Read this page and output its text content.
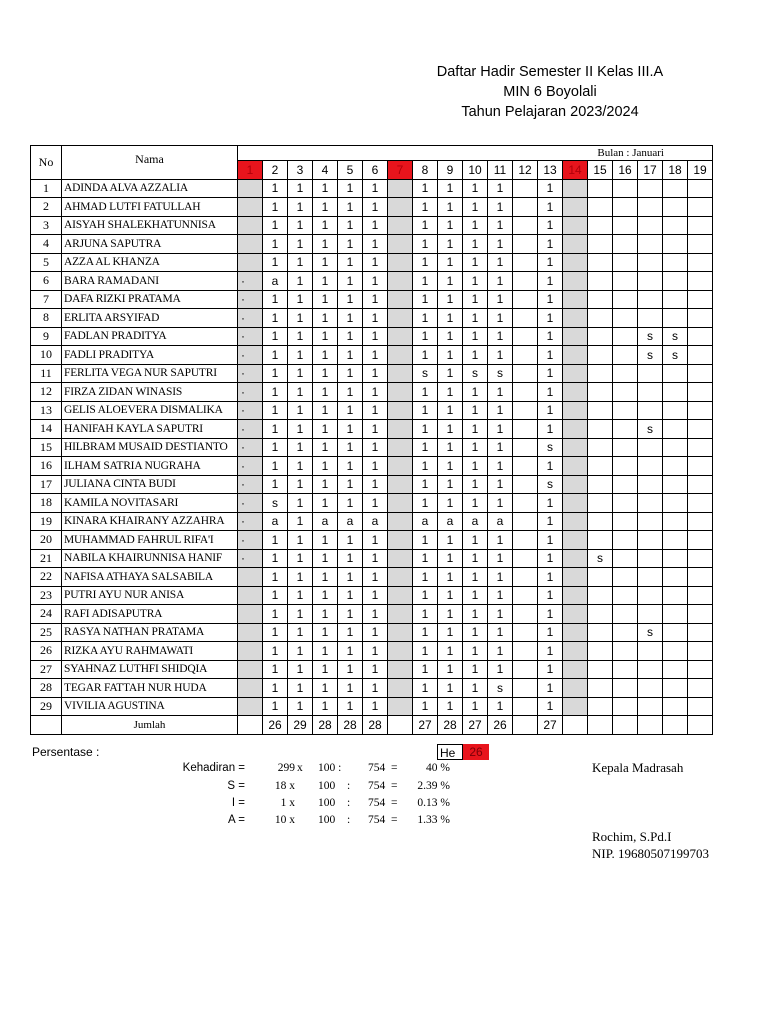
Daftar Hadir Semester II Kelas III.A
MIN 6 Boyolali
Tahun Pelajaran 2023/2024
No	Nama	Bulan : Januari																		
		1	2	3	4	5	6	7	8	9	10	11	12	13	14	15	16	17	18	19
1	ADINDA ALVA AZZALIA		1	1	1	1	1		1	1	1	1		1						
2	AHMAD LUTFI FATULLAH		1	1	1	1	1		1	1	1	1		1						
3	AISYAH SHALEKHATUNNISA		1	1	1	1	1		1	1	1	1		1						
4	ARJUNA SAPUTRA		1	1	1	1	1		1	1	1	1		1						
5	AZZA AL KHANZA		1	1	1	1	1		1	1	1	1		1						
6	BARA RAMADANI	·	a	1	1	1	1		1	1	1	1		1						
7	DAFA RIZKI PRATAMA	·	1	1	1	1	1		1	1	1	1		1						
8	ERLITA ARSYIFAD	·	1	1	1	1	1		1	1	1	1		1						
9	FADLAN PRADITYA	·	1	1	1	1	1		1	1	1	1		1				s	s	
10	FADLI PRADITYA	·	1	1	1	1	1		1	1	1	1		1				s	s	
11	FERLITA VEGA NUR SAPUTRI	·	1	1	1	1	1		s	1	s	s		1						
12	FIRZA ZIDAN WINASIS	·	1	1	1	1	1		1	1	1	1		1						
13	GELIS ALOEVERA DISMALIKA	·	1	1	1	1	1		1	1	1	1		1						
14	HANIFAH KAYLA SAPUTRI	·	1	1	1	1	1		1	1	1	1		1				s		
15	HILBRAM MUSAID DESTIANTO	·	1	1	1	1	1		1	1	1	1		s						
16	ILHAM SATRIA NUGRAHA	·	1	1	1	1	1		1	1	1	1		1						
17	JULIANA CINTA BUDI	·	1	1	1	1	1		1	1	1	1		s						
18	KAMILA NOVITASARI	·	s	1	1	1	1		1	1	1	1		1						
19	KINARA KHAIRANY AZZAHRA	·	a	1	a	a	a		a	a	a	a		1						
20	MUHAMMAD FAHRUL RIFA'I	·	1	1	1	1	1		1	1	1	1		1						
21	NABILA KHAIRUNNISA HANIF	·	1	1	1	1	1		1	1	1	1		1		s				
22	NAFISA ATHAYA SALSABILA		1	1	1	1	1		1	1	1	1		1						
23	PUTRI AYU NUR ANISA		1	1	1	1	1		1	1	1	1		1						
24	RAFI ADISAPUTRA		1	1	1	1	1		1	1	1	1		1						
25	RASYA NATHAN PRATAMA		1	1	1	1	1		1	1	1	1		1				s		
26	RIZKA AYU RAHMAWATI		1	1	1	1	1		1	1	1	1		1						
27	SYAHNAZ LUTHFI SHIDQIA		1	1	1	1	1		1	1	1	1		1						
28	TEGAR FATTAH NUR HUDA		1	1	1	1	1		1	1	1	s		1						
29	VIVILIA AGUSTINA		1	1	1	1	1		1	1	1	1		1						
	Jumlah		26	29	28	28	28		27	28	27	26		27						
Persentase :	He	26
Kehadiran =	299 x 100 : 754 =	40 %
S =	18 x 100 : 754 =	2.39 %
I =	1 x 100 : 754 =	0.13 %
A =	10 x 100 : 754 =	1.33 %
Kepala Madrasah
Rochim, S.Pd.I
NIP. 19680507199703
